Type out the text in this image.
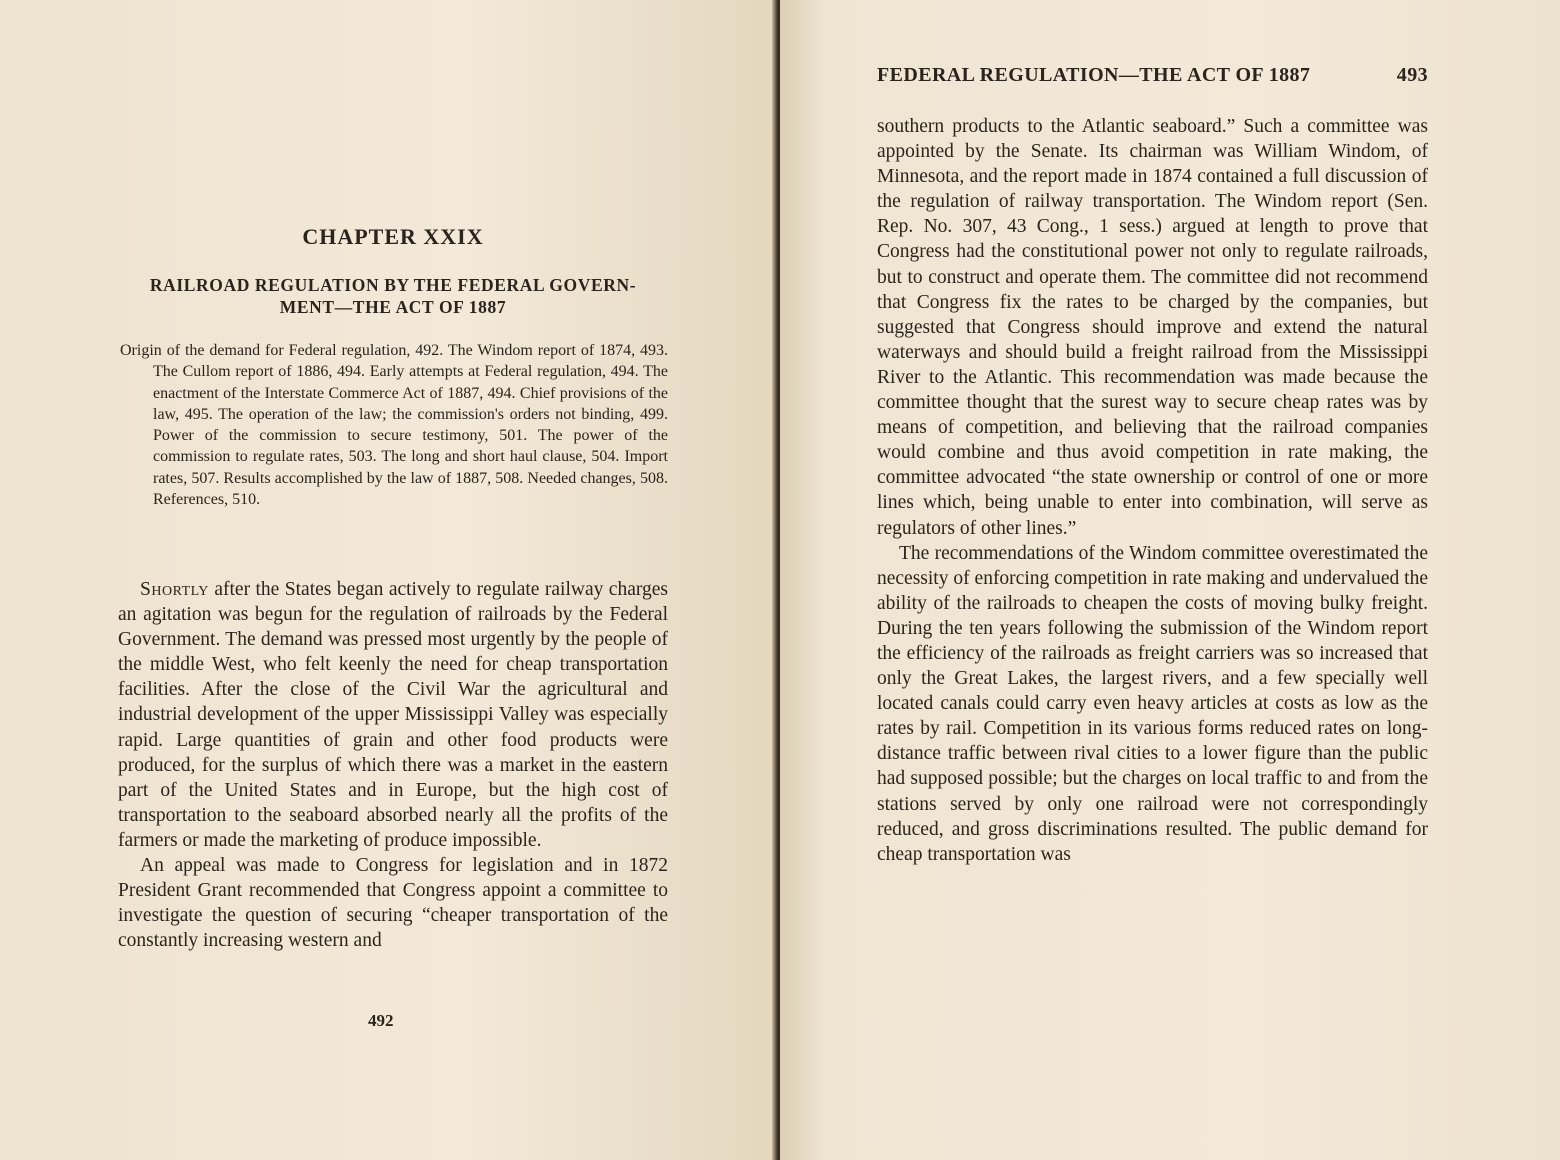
CHAPTER XXIX
RAILROAD REGULATION BY THE FEDERAL GOVERN-
MENT—THE ACT OF 1887

Origin of the demand for Federal regulation, 492. The Windom report of 1874, 493. The Cullom report of 1886, 494. Early attempts at Federal regulation, 494. The enactment of the Interstate Commerce Act of 1887, 494. Chief provisions of the law, 495. The operation of the law; the commission's orders not binding, 499. Power of the commission to secure testimony, 501. The power of the commission to regulate rates, 503. The long and short haul clause, 504. Import rates, 507. Results accomplished by the law of 1887, 508. Needed changes, 508. References, 510.

Shortly after the States began actively to regulate railway charges an agitation was begun for the regulation of railroads by the Federal Government. The demand was pressed most urgently by the people of the middle West, who felt keenly the need for cheap transportation facilities. After the close of the Civil War the agricultural and industrial development of the upper Mississippi Valley was especially rapid. Large quantities of grain and other food products were produced, for the surplus of which there was a market in the eastern part of the United States and in Europe, but the high cost of transportation to the seaboard absorbed nearly all the profits of the farmers or made the marketing of produce impossible.

An appeal was made to Congress for legislation and in 1872 President Grant recommended that Congress appoint a committee to investigate the question of securing “cheaper transportation of the constantly increasing western and

492
FEDERAL REGULATION—THE ACT OF 1887	493

southern products to the Atlantic seaboard.” Such a committee was appointed by the Senate. Its chairman was William Windom, of Minnesota, and the report made in 1874 contained a full discussion of the regulation of railway transportation. The Windom report (Sen. Rep. No. 307, 43 Cong., 1 sess.) argued at length to prove that Congress had the constitutional power not only to regulate railroads, but to construct and operate them. The committee did not recommend that Congress fix the rates to be charged by the companies, but suggested that Congress should improve and extend the natural waterways and should build a freight railroad from the Mississippi River to the Atlantic. This recommendation was made because the committee thought that the surest way to secure cheap rates was by means of competition, and believing that the railroad companies would combine and thus avoid competition in rate making, the committee advocated “the state ownership or control of one or more lines which, being unable to enter into combination, will serve as regulators of other lines.”

The recommendations of the Windom committee overestimated the necessity of enforcing competition in rate making and undervalued the ability of the railroads to cheapen the costs of moving bulky freight. During the ten years following the submission of the Windom report the efficiency of the railroads as freight carriers was so increased that only the Great Lakes, the largest rivers, and a few specially well located canals could carry even heavy articles at costs as low as the rates by rail. Competition in its various forms reduced rates on long-distance traffic between rival cities to a lower figure than the public had supposed possible; but the charges on local traffic to and from the stations served by only one railroad were not correspondingly reduced, and gross discriminations resulted. The public demand for cheap transportation was
